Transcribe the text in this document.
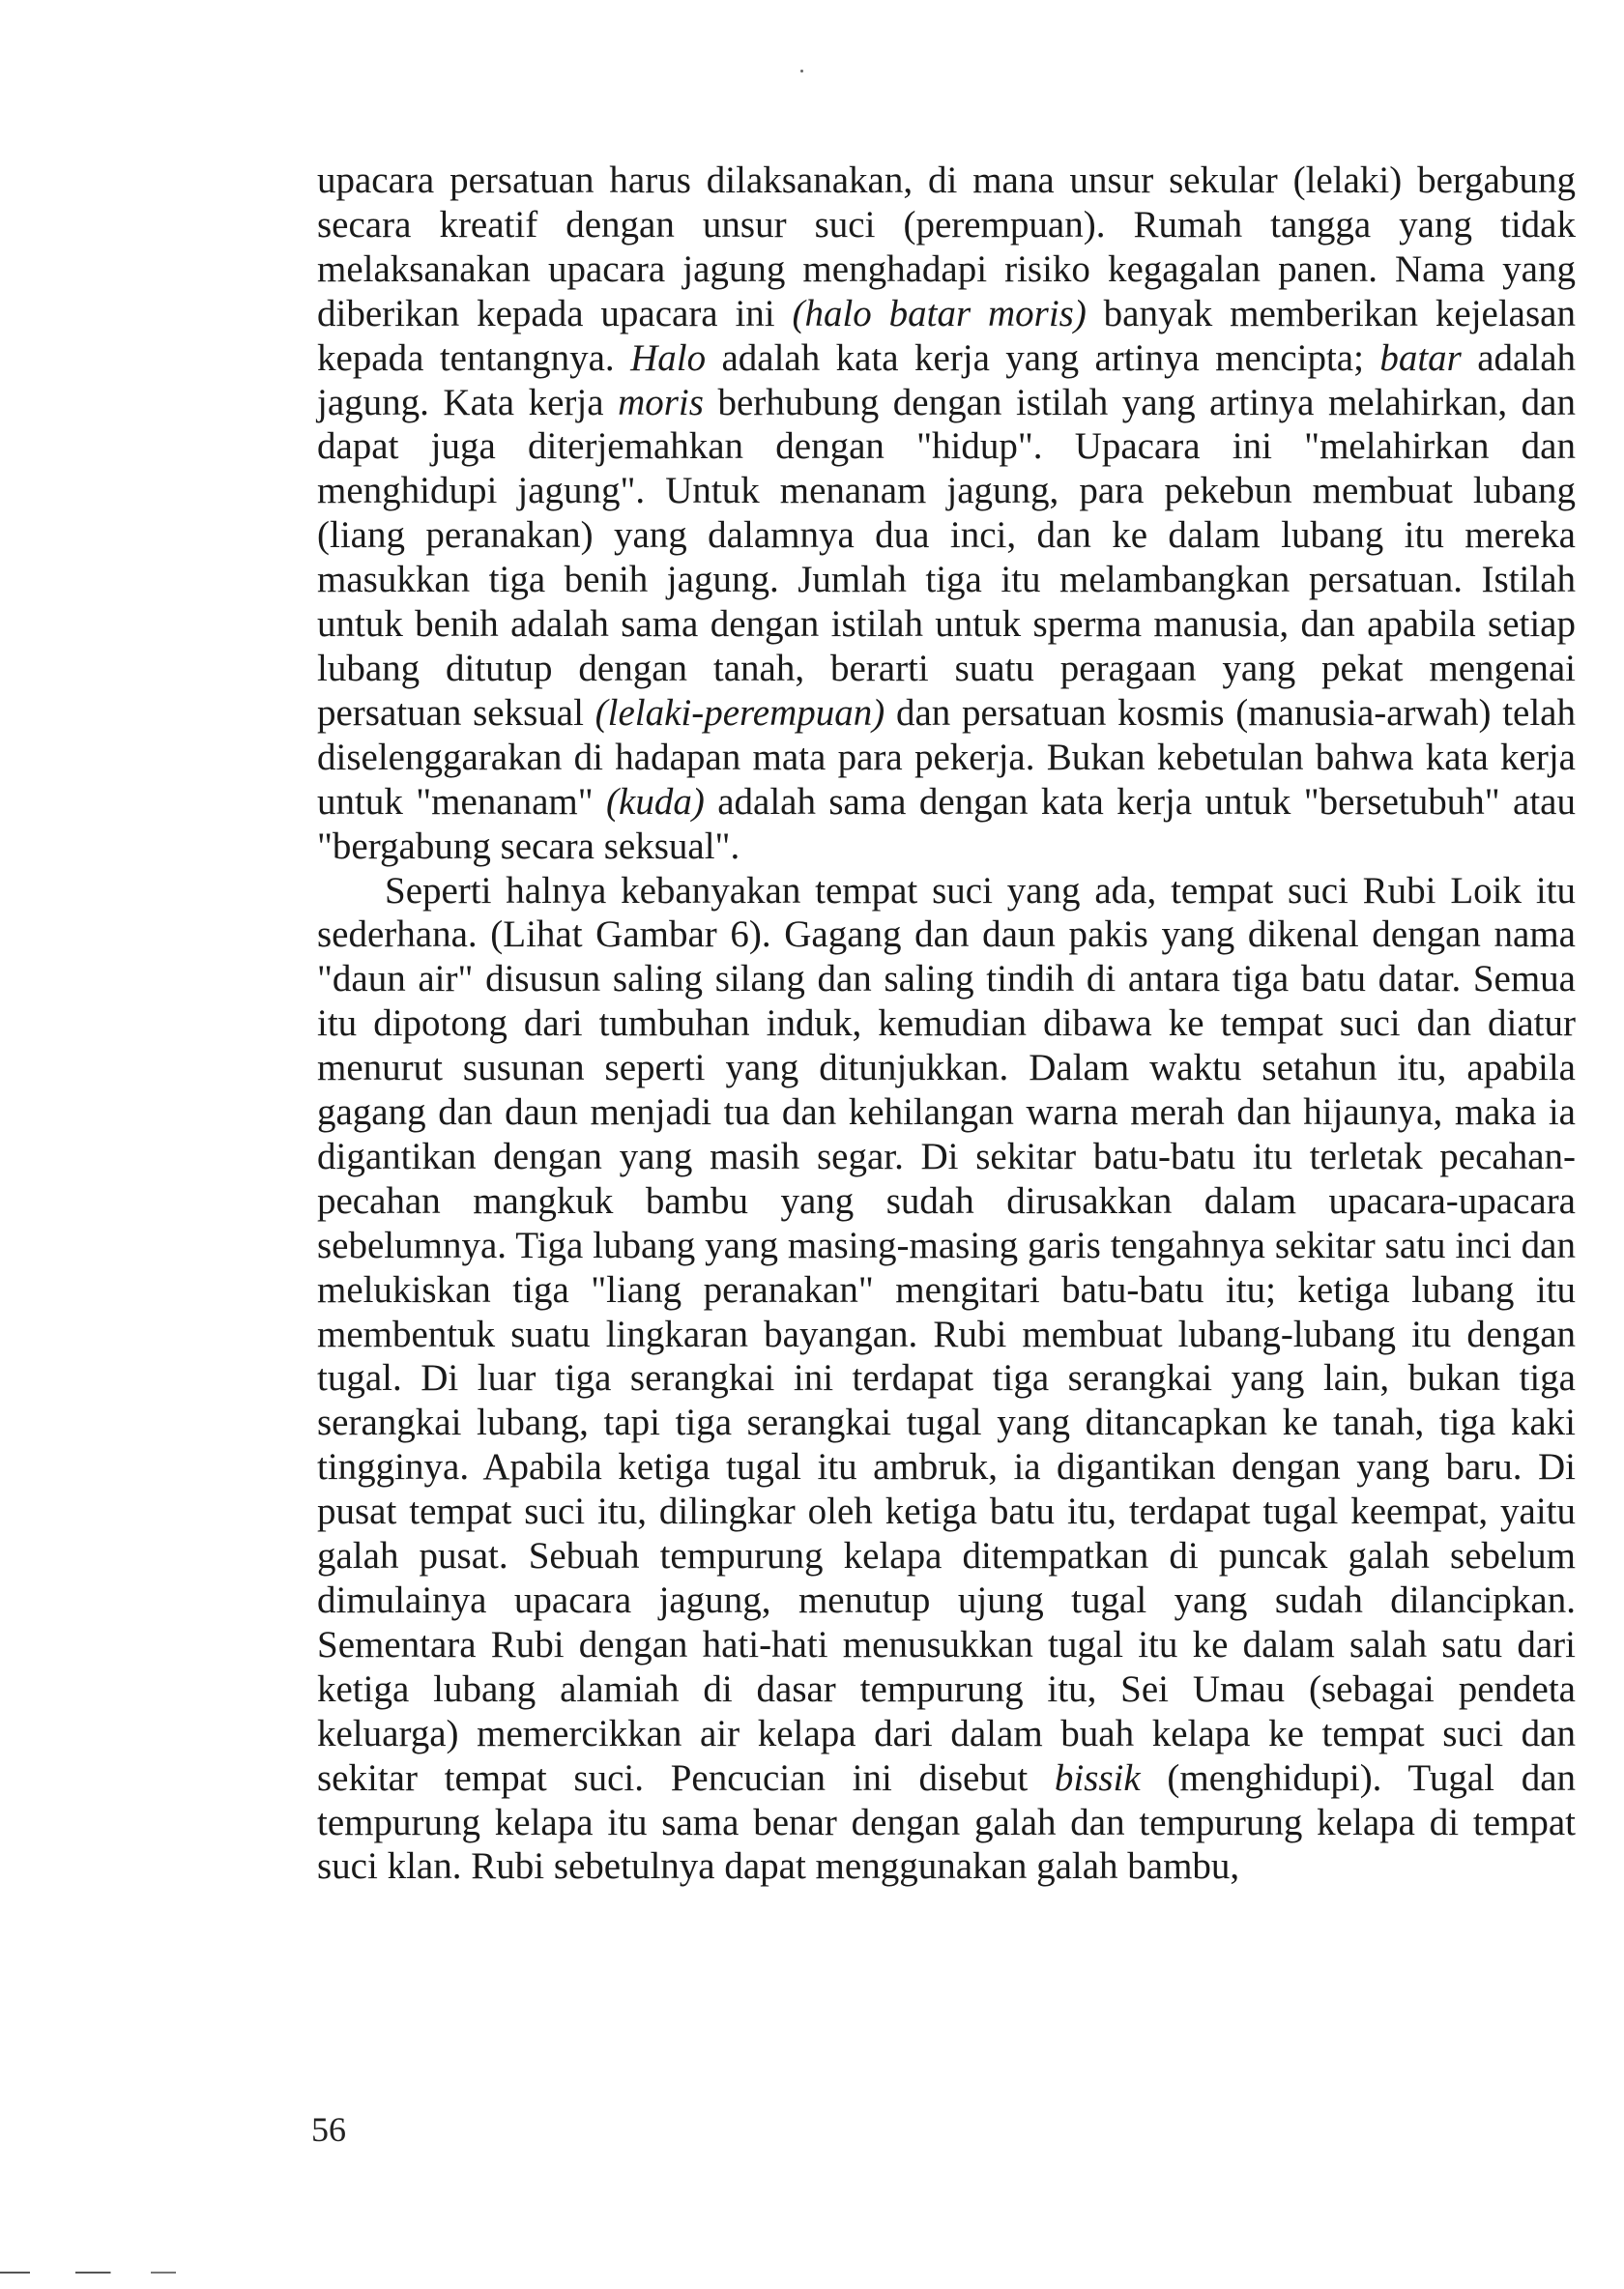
upacara persatuan harus dilaksanakan, di mana unsur sekular (lelaki) bergabung secara kreatif dengan unsur suci (perempuan). Rumah tangga yang tidak melaksanakan upacara jagung menghadapi risiko kegagalan panen. Nama yang diberikan kepada upacara ini (halo batar moris) banyak memberikan kejelasan kepada tentangnya. Halo adalah kata kerja yang artinya mencipta; batar adalah jagung. Kata kerja moris berhubung dengan istilah yang artinya melahirkan, dan dapat juga diterjemahkan dengan "hidup". Upacara ini "melahirkan dan menghidupi jagung". Untuk menanam jagung, para pekebun membuat lubang (liang peranakan) yang dalamnya dua inci, dan ke dalam lubang itu mereka masukkan tiga benih jagung. Jumlah tiga itu melambangkan persatuan. Istilah untuk benih adalah sama dengan istilah untuk sperma manusia, dan apabila setiap lubang ditutup dengan tanah, berarti suatu peragaan yang pekat mengenai persatuan seksual (lelaki-perempuan) dan persatuan kosmis (manusia-arwah) telah diselenggarakan di hadapan mata para pekerja. Bukan kebetulan bahwa kata kerja untuk "menanam" (kuda) adalah sama dengan kata kerja untuk "bersetubuh" atau "bergabung secara seksual".

Seperti halnya kebanyakan tempat suci yang ada, tempat suci Rubi Loik itu sederhana. (Lihat Gambar 6). Gagang dan daun pakis yang dikenal dengan nama "daun air" disusun saling silang dan saling tindih di antara tiga batu datar. Semua itu dipotong dari tumbuhan induk, kemudian dibawa ke tempat suci dan diatur menurut susunan seperti yang ditunjukkan. Dalam waktu setahun itu, apabila gagang dan daun menjadi tua dan kehilangan warna merah dan hijaunya, maka ia digantikan dengan yang masih segar. Di sekitar batu-batu itu terletak pecahan-pecahan mangkuk bambu yang sudah dirusakkan dalam upacara-upacara sebelumnya. Tiga lubang yang masing-masing garis tengahnya sekitar satu inci dan melukiskan tiga "liang peranakan" mengitari batu-batu itu; ketiga lubang itu membentuk suatu lingkaran bayangan. Rubi membuat lubang-lubang itu dengan tugal. Di luar tiga serangkai ini terdapat tiga serangkai yang lain, bukan tiga serangkai lubang, tapi tiga serangkai tugal yang ditancapkan ke tanah, tiga kaki tingginya. Apabila ketiga tugal itu ambruk, ia digantikan dengan yang baru. Di pusat tempat suci itu, dilingkar oleh ketiga batu itu, terdapat tugal keempat, yaitu galah pusat. Sebuah tempurung kelapa ditempatkan di puncak galah sebelum dimulainya upacara jagung, menutup ujung tugal yang sudah dilancipkan. Sementara Rubi dengan hati-hati menusukkan tugal itu ke dalam salah satu dari ketiga lubang alamiah di dasar tempurung itu, Sei Umau (sebagai pendeta keluarga) memercikkan air kelapa dari dalam buah kelapa ke tempat suci dan sekitar tempat suci. Pencucian ini disebut bissik (menghidupi). Tugal dan tempurung kelapa itu sama benar dengan galah dan tempurung kelapa di tempat suci klan. Rubi sebetulnya dapat menggunakan galah bambu,

56
